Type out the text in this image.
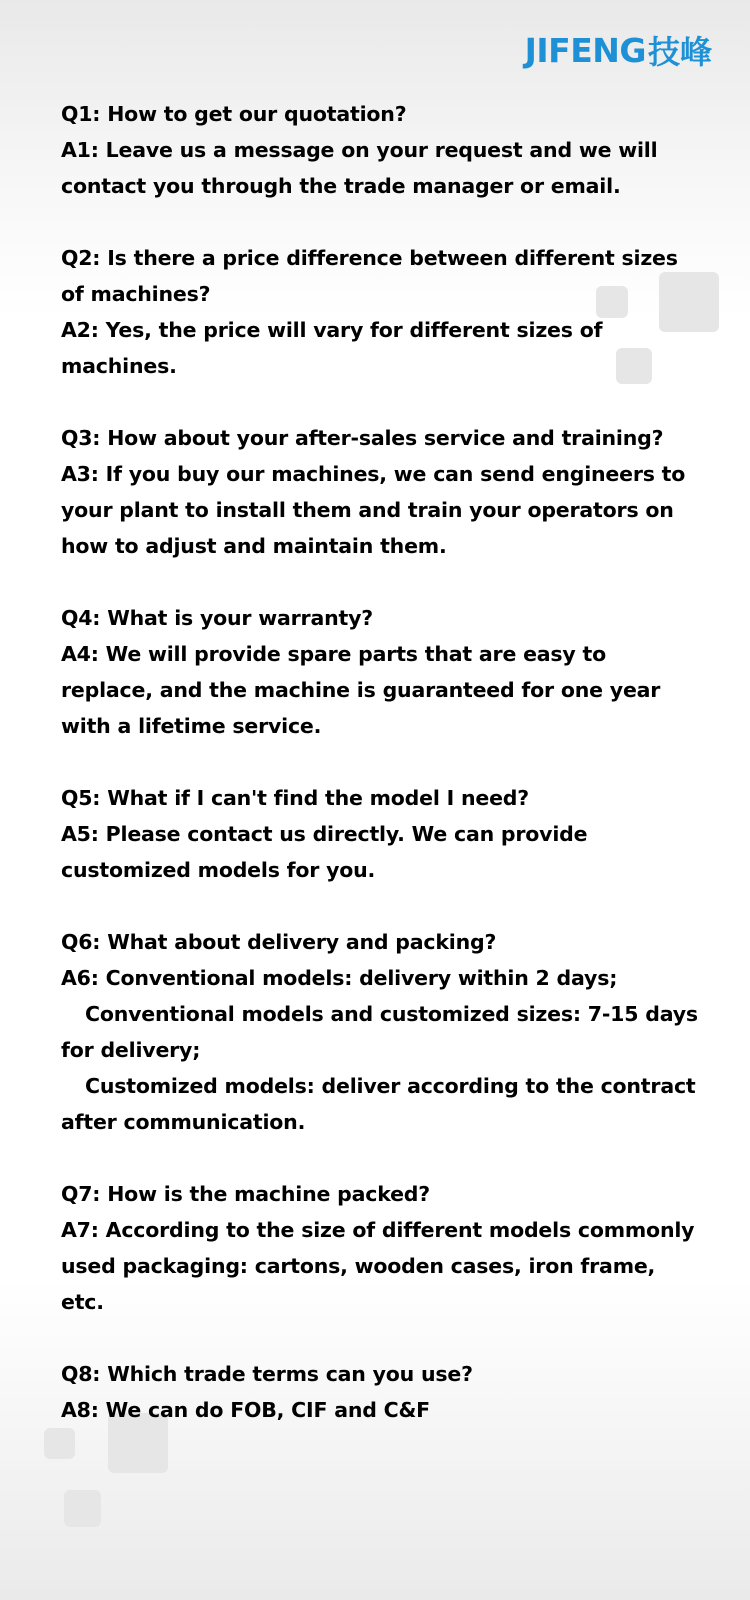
JIFENG 技峰
Q1: How to get our quotation?
A1: Leave us a message on your request and we will contact you through the trade manager or email.
Q2: Is there a price difference between different sizes of machines?
A2: Yes, the price will vary for different sizes of machines.
Q3: How about your after-sales service and training?
A3: If you buy our machines, we can send engineers to your plant to install them and train your operators on how to adjust and maintain them.
Q4: What is your warranty?
A4: We will provide spare parts that are easy to replace, and the machine is guaranteed for one year with a lifetime service.
Q5: What if I can't find the model I need?
A5: Please contact us directly. We can provide customized models for you.
Q6: What about delivery and packing?
A6: Conventional models: delivery within 2 days;
Conventional models and customized sizes: 7-15 days for delivery;
Customized models: deliver according to the contract after communication.
Q7: How is the machine packed?
A7: According to the size of different models commonly used packaging: cartons, wooden cases, iron frame, etc.
Q8: Which trade terms can you use?
A8: We can do FOB, CIF and C&F
